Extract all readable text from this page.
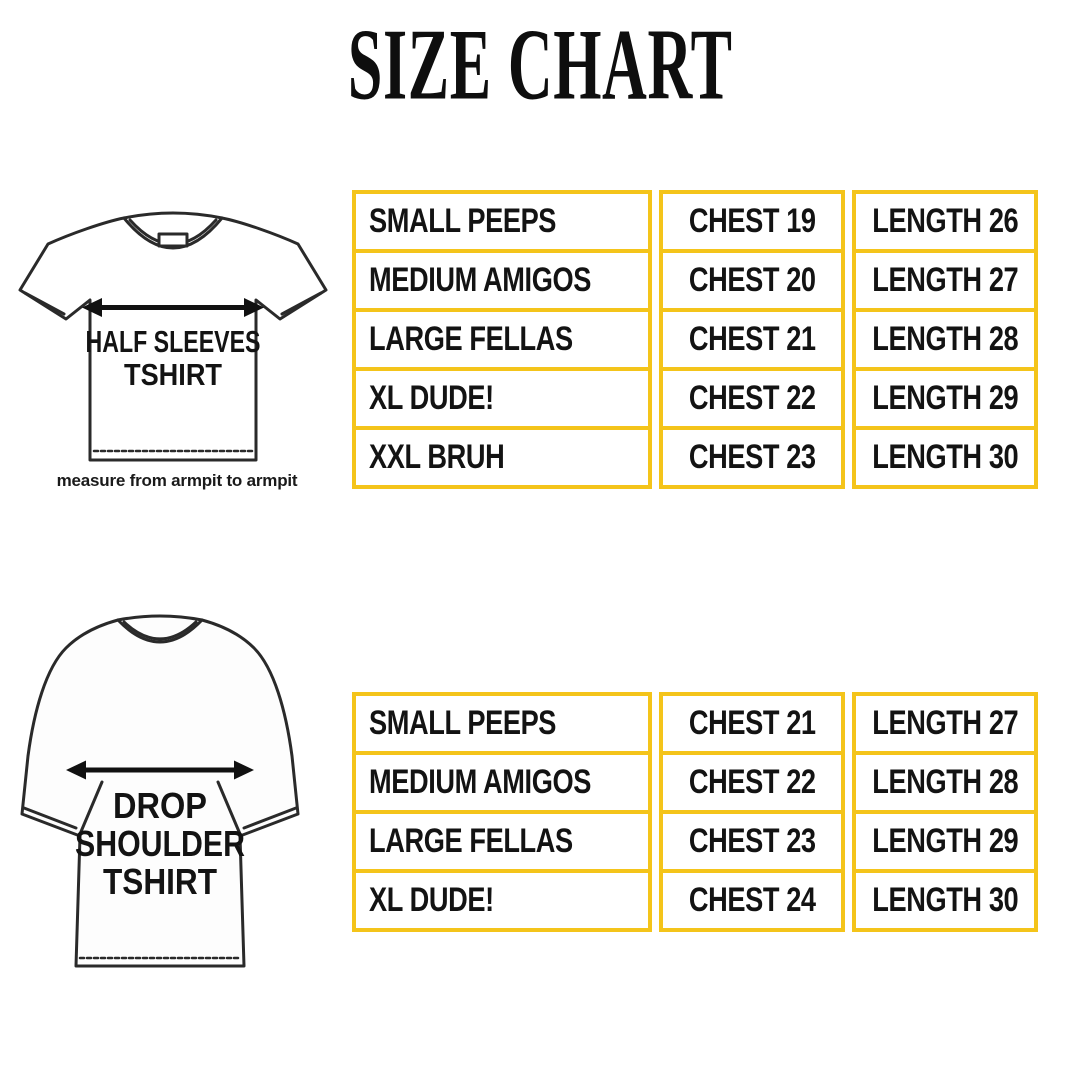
SIZE CHART
HALF SLEEVES
TSHIRT
measure from armpit to armpit
SMALL PEEPS	CHEST 19 LENGTH 26
MEDIUM AMIGOS	CHEST 20 LENGTH 27
LARGE FELLAS	CHEST 21 LENGTH 28
XL DUDE!	CHEST 22 LENGTH 29
XXL BRUH	CHEST 23 LENGTH 30
DROP
SHOULDER
TSHIRT
SMALL PEEPS	CHEST 21 LENGTH 27
MEDIUM AMIGOS	CHEST 22 LENGTH 28
LARGE FELLAS	CHEST 23 LENGTH 29
XL DUDE!	CHEST 24 LENGTH 30
